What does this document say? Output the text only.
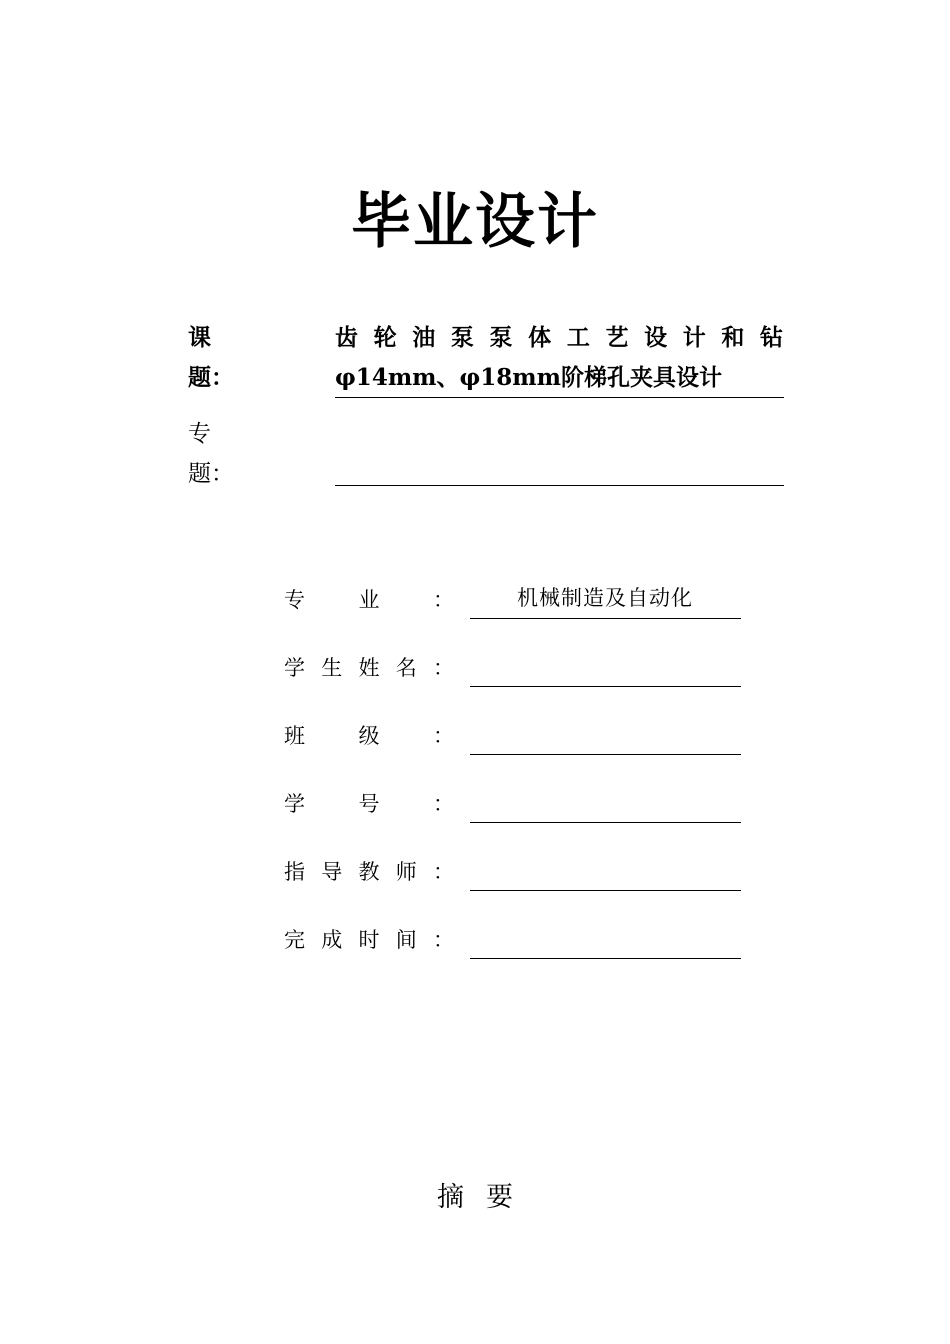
毕业设计
课
题：
齿轮油泵泵体工艺设计和钻
φ14mm、φ18mm阶梯孔夹具设计
专
题：
专业：	机械制造及自动化
学生姓名：
班级：
学号：
指导教师：
完成时间：
摘要
